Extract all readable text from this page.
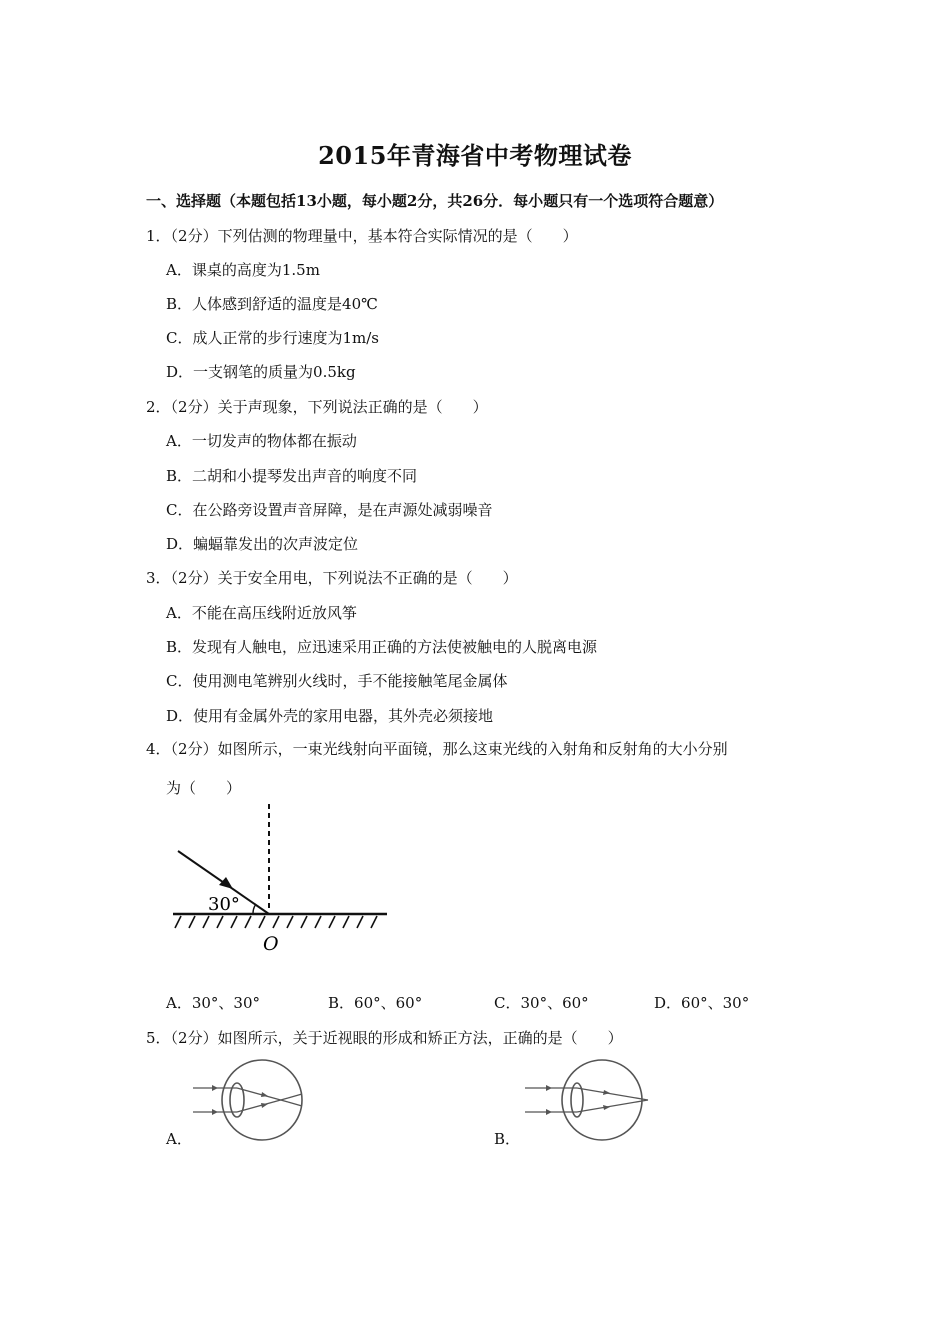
2015年青海省中考物理试卷
一、选择题（本题包括13小题，每小题2分，共26分．每小题只有一个选项符合题意）
1．（2分）下列估测的物理量中，基本符合实际情况的是（　　）
A．课桌的高度为1.5m
B．人体感到舒适的温度是40℃
C．成人正常的步行速度为1m/s
D．一支钢笔的质量为0.5kg
2．（2分）关于声现象，下列说法正确的是（　　）
A．一切发声的物体都在振动
B．二胡和小提琴发出声音的响度不同
C．在公路旁设置声音屏障，是在声源处减弱噪音
D．蝙蝠靠发出的次声波定位
3．（2分）关于安全用电，下列说法不正确的是（　　）
A．不能在高压线附近放风筝
B．发现有人触电，应迅速采用正确的方法使被触电的人脱离电源
C．使用测电笔辨别火线时，手不能接触笔尾金属体
D．使用有金属外壳的家用电器，其外壳必须接地
4．（2分）如图所示，一束光线射向平面镜，那么这束光线的入射角和反射角的大小分别
为（　　）
30°
O
A．30°、30°	B．60°、60°	C．30°、60°	D．60°、30°
5．（2分）如图所示，关于近视眼的形成和矫正方法，正确的是（　　）
A．	B．
